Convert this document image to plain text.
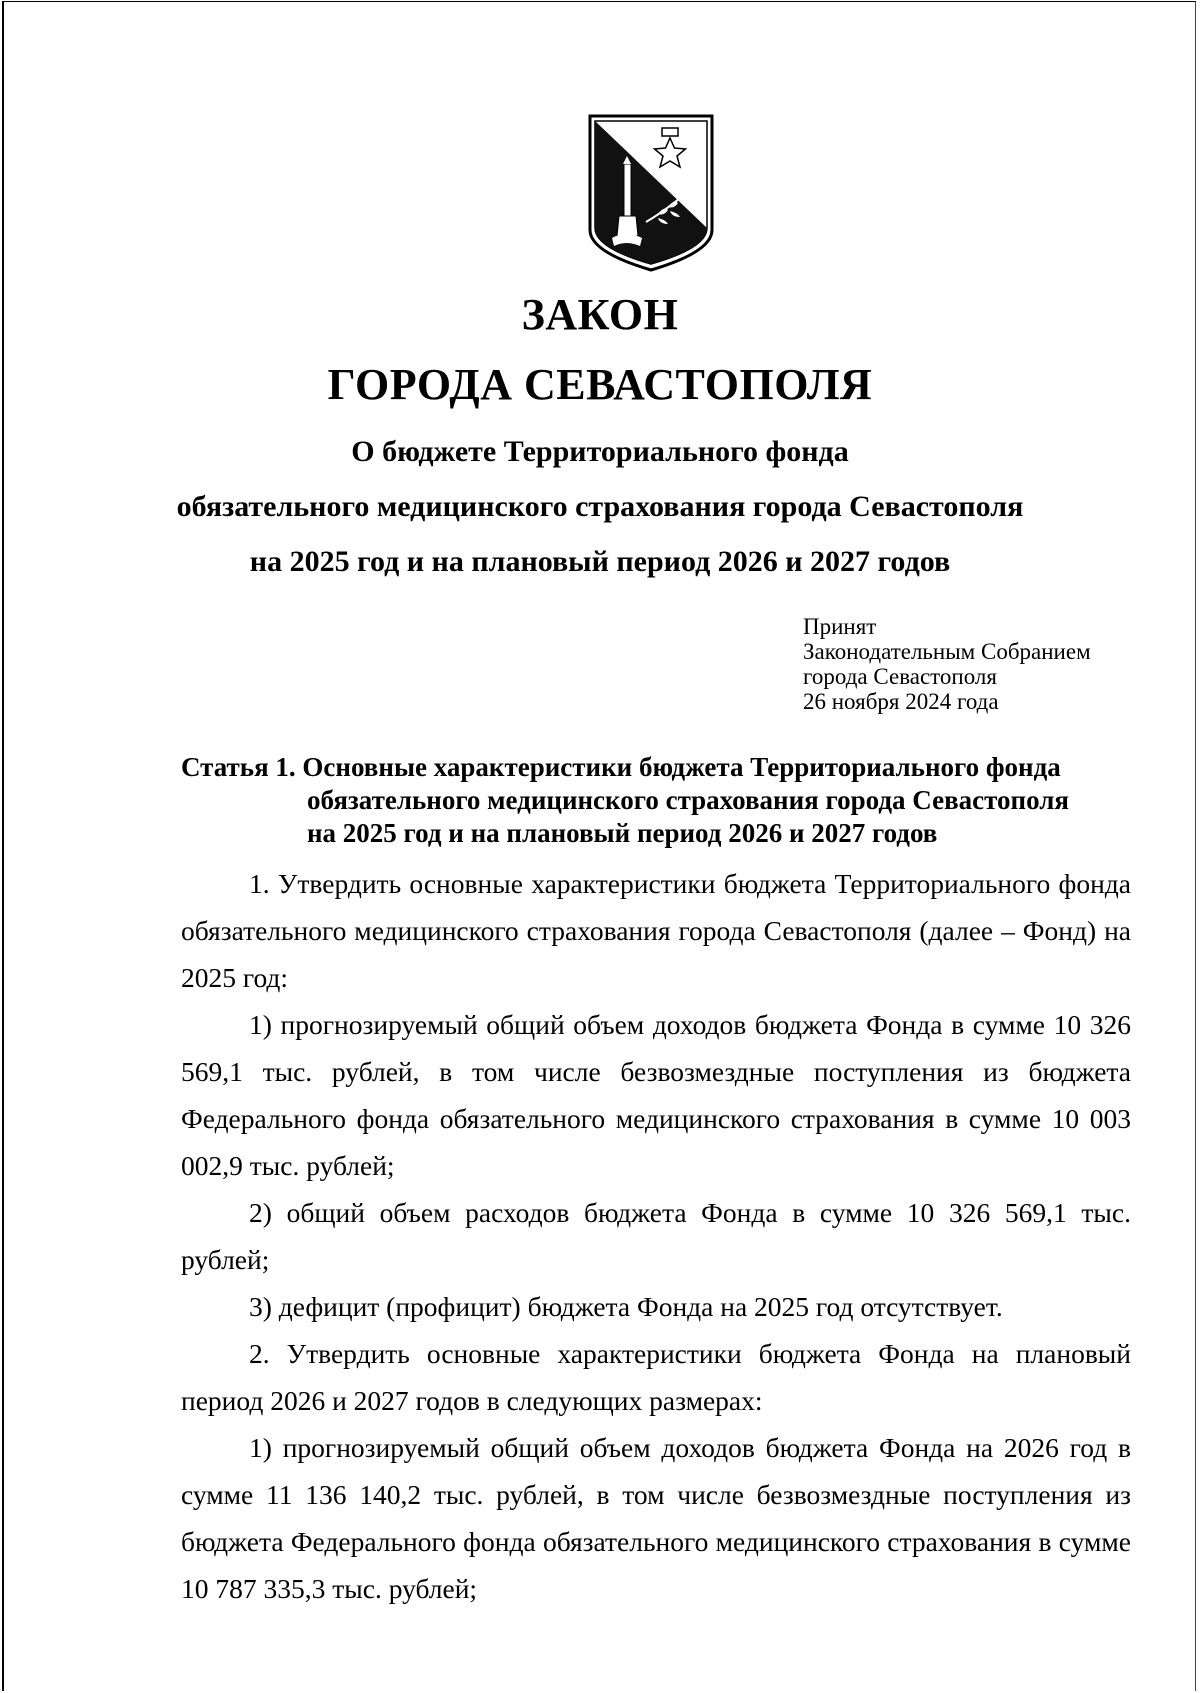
ЗАКОН
ГОРОДА СЕВАСТОПОЛЯ
О бюджете Территориального фонда
обязательного медицинского страхования города Севастополя
на 2025 год и на плановый период 2026 и 2027 годов
Принят
Законодательным Собранием
города Севастополя
26 ноября 2024 года
Статья 1. Основные характеристики бюджета Территориального фонда
обязательного медицинского страхования города Севастополя
на 2025 год и на плановый период 2026 и 2027 годов
1. Утвердить основные характеристики бюджета Территориального фонда обязательного медицинского страхования города Севастополя (далее – Фонд) на 2025 год:
1) прогнозируемый общий объем доходов бюджета Фонда в сумме 10 326 569,1 тыс. рублей, в том числе безвозмездные поступления из бюджета Федерального фонда обязательного медицинского страхования в сумме 10 003 002,9 тыс. рублей;
2) общий объем расходов бюджета Фонда в сумме 10 326 569,1 тыс. рублей;
3) дефицит (профицит) бюджета Фонда на 2025 год отсутствует.
2. Утвердить основные характеристики бюджета Фонда на плановый период 2026 и 2027 годов в следующих размерах:
1) прогнозируемый общий объем доходов бюджета Фонда на 2026 год в сумме 11 136 140,2 тыс. рублей, в том числе безвозмездные поступления из бюджета Федерального фонда обязательного медицинского страхования в сумме 10 787 335,3 тыс. рублей;
